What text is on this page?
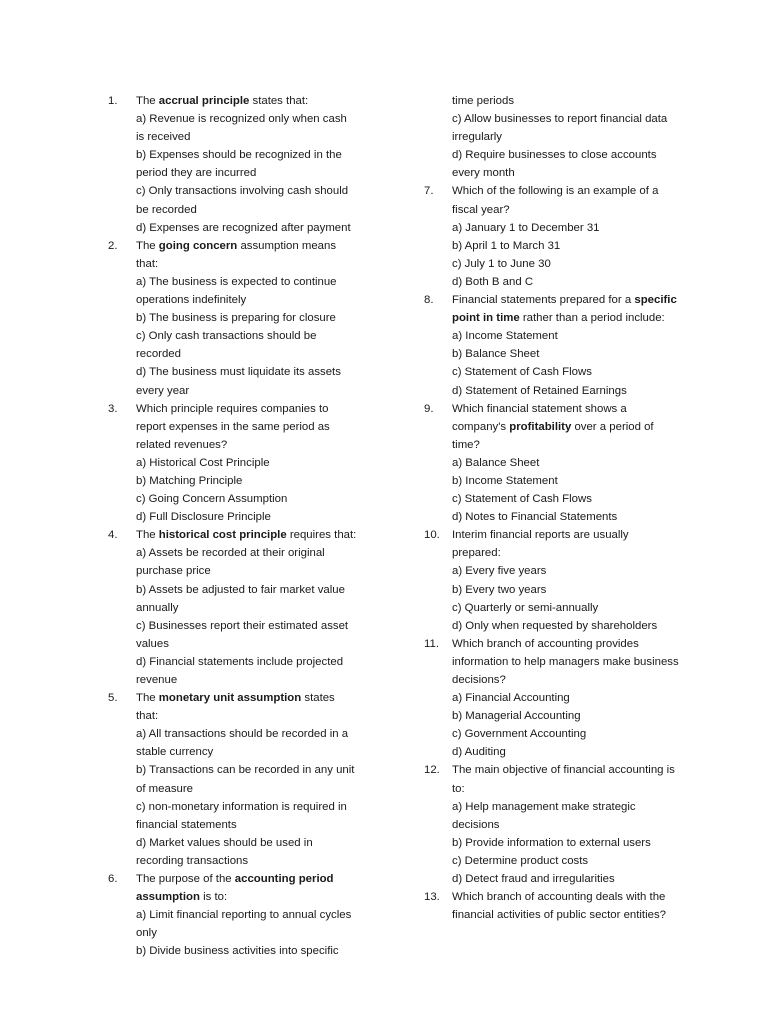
1.	The accrual principle states that:
a) Revenue is recognized only when cash is received
b) Expenses should be recognized in the period they are incurred
c) Only transactions involving cash should be recorded
d) Expenses are recognized after payment
2.	The going concern assumption means that:
a) The business is expected to continue operations indefinitely
b) The business is preparing for closure
c) Only cash transactions should be recorded
d) The business must liquidate its assets every year
3.	Which principle requires companies to report expenses in the same period as related revenues?
a) Historical Cost Principle
b) Matching Principle
c) Going Concern Assumption
d) Full Disclosure Principle
4.	The historical cost principle requires that:
a) Assets be recorded at their original purchase price
b) Assets be adjusted to fair market value annually
c) Businesses report their estimated asset values
d) Financial statements include projected revenue
5.	The monetary unit assumption states that:
a) All transactions should be recorded in a stable currency
b) Transactions can be recorded in any unit of measure
c) non-monetary information is required in financial statements
d) Market values should be used in recording transactions
6.	The purpose of the accounting period assumption is to:
a) Limit financial reporting to annual cycles only
b) Divide business activities into specific
time periods
c) Allow businesses to report financial data irregularly
d) Require businesses to close accounts every month
7.	Which of the following is an example of a fiscal year?
a) January 1 to December 31
b) April 1 to March 31
c) July 1 to June 30
d) Both B and C
8.	Financial statements prepared for a specific point in time rather than a period include:
a) Income Statement
b) Balance Sheet
c) Statement of Cash Flows
d) Statement of Retained Earnings
9.	Which financial statement shows a company's profitability over a period of time?
a) Balance Sheet
b) Income Statement
c) Statement of Cash Flows
d) Notes to Financial Statements
10.	Interim financial reports are usually prepared:
a) Every five years
b) Every two years
c) Quarterly or semi-annually
d) Only when requested by shareholders
11.	Which branch of accounting provides information to help managers make business decisions?
a) Financial Accounting
b) Managerial Accounting
c) Government Accounting
d) Auditing
12.	The main objective of financial accounting is to:
a) Help management make strategic decisions
b) Provide information to external users
c) Determine product costs
d) Detect fraud and irregularities
13.	Which branch of accounting deals with the financial activities of public sector entities?
